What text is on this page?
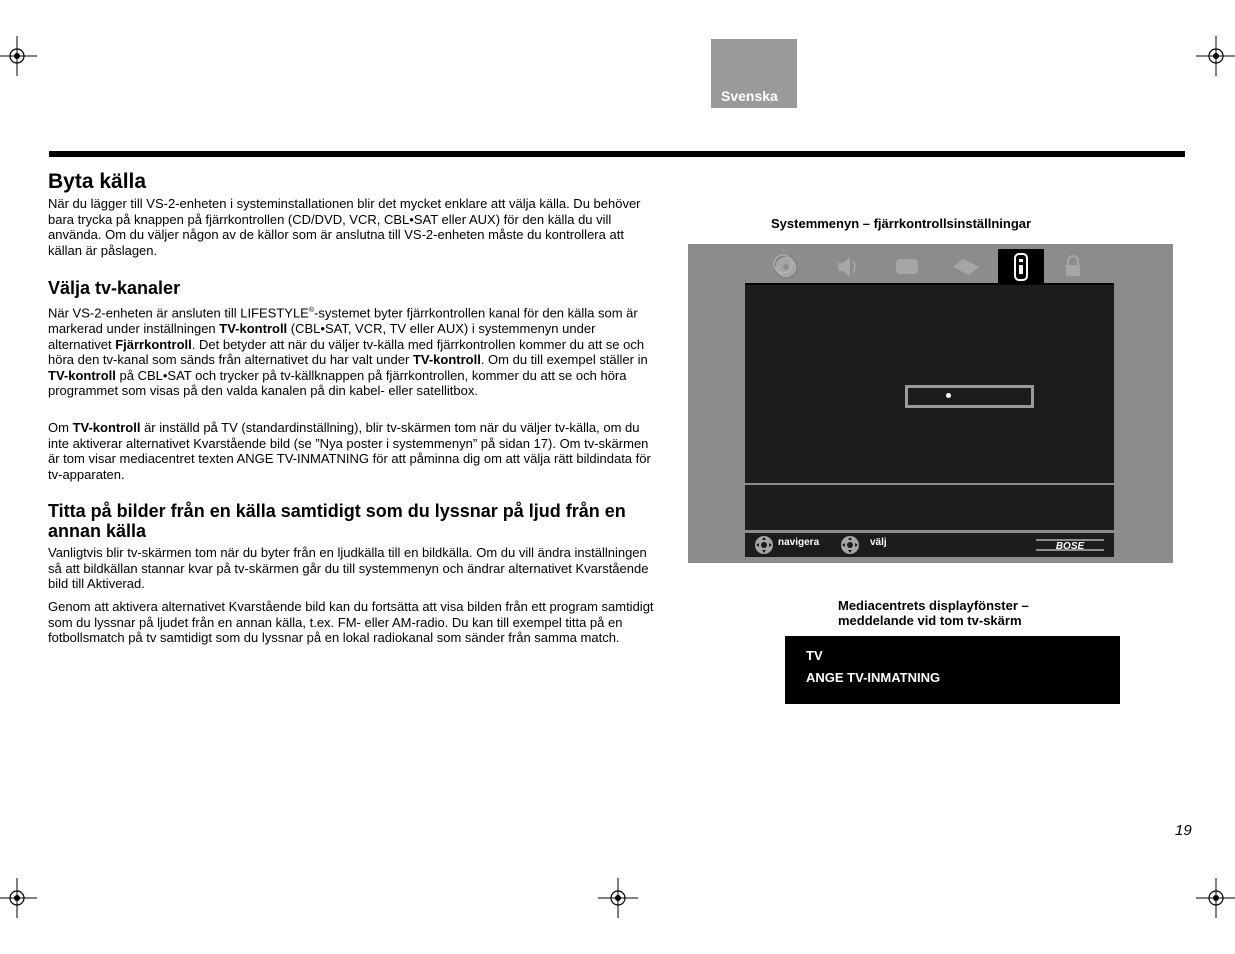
Svenska
Byta källa

När du lägger till VS-2-enheten i systeminstallationen blir det mycket enklare att välja källa. Du behöver bara trycka på knappen på fjärrkontrollen (CD/DVD, VCR, CBL•SAT eller AUX) för den källa du vill använda. Om du väljer någon av de källor som är anslutna till VS-2-enheten måste du kontrollera att källan är påslagen.

Välja tv-kanaler

När VS-2-enheten är ansluten till LIFESTYLE®-systemet byter fjärrkontrollen kanal för den källa som är markerad under inställningen TV-kontroll (CBL•SAT, VCR, TV eller AUX) i systemmenyn under alternativet Fjärrkontroll. Det betyder att när du väljer tv-källa med fjärrkontrollen kommer du att se och höra den tv-kanal som sänds från alternativet du har valt under TV-kontroll. Om du till exempel ställer in TV-kontroll på CBL•SAT och trycker på tv-källknappen på fjärrkontrollen, kommer du att se och höra programmet som visas på den valda kanalen på din kabel- eller satellitbox.

Om TV-kontroll är inställd på TV (standardinställning), blir tv-skärmen tom när du väljer tv-källa, om du inte aktiverar alternativet Kvarstående bild (se ”Nya poster i systemmenyn” på sidan 17). Om tv-skärmen är tom visar mediacentret texten ANGE TV-INMATNING för att påminna dig om att välja rätt bildindata för tv-apparaten.

Titta på bilder från en källa samtidigt som du lyssnar på ljud från en annan källa

Vanligtvis blir tv-skärmen tom när du byter från en ljudkälla till en bildkälla. Om du vill ändra inställningen så att bildkällan stannar kvar på tv-skärmen går du till systemmenyn och ändrar alternativet Kvarstående bild till Aktiverad.

Genom att aktivera alternativet Kvarstående bild kan du fortsätta att visa bilden från ett program samtidigt som du lyssnar på ljudet från en annan källa, t.ex. FM- eller AM-radio. Du kan till exempel titta på en fotbollsmatch på tv samtidigt som du lyssnar på en lokal radiokanal som sänder från samma match.

Systemmenyn – fjärrkontrollsinställningar
navigera	välj	BOSE
Mediacentrets displayfönster –
meddelande vid tom tv-skärm
TV
ANGE TV-INMATNING
19
